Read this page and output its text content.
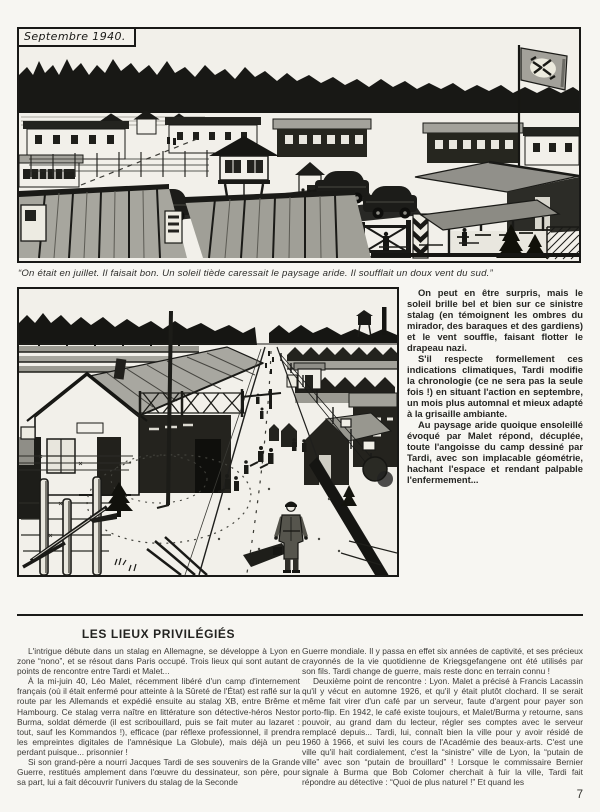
Septembre 1940.
“On était en juillet. Il faisait bon. Un soleil tiède caressait le paysage aride. Il soufflait un doux vent du sud.”

On peut en être surpris, mais le soleil brille bel et bien sur ce sinistre stalag (en témoignent les ombres du mirador, des baraques et des gardiens) et le vent souffle, faisant flotter le drapeau nazi.

S'il respecte formellement ces indications climatiques, Tardi modifie la chronologie (ce ne sera pas la seule fois !) en situant l'action en septembre, un mois plus automnal et mieux adapté à la grisaille ambiante.

Au paysage aride quoique ensoleillé évoqué par Malet répond, décuplée, toute l'angoisse du camp dessiné par Tardi, avec son implacable géométrie, hachant l'espace et rendant palpable l'enfermement...

LES LIEUX PRIVILÉGIÉS

L'intrigue débute dans un stalag en Allemagne, se développe à Lyon en zone “nono”, et se résout dans Paris occupé. Trois lieux qui sont autant de points de rencontre entre Tardi et Malet...

À la mi-juin 40, Léo Malet, récemment libéré d'un camp d'internement français (où il était enfermé pour atteinte à la Sûreté de l'État) est raflé sur la route par les Allemands et expédié ensuite au stalag XB, entre Brême et Hambourg. Ce stalag verra naître en littérature son détective-héros Nestor Burma, soldat démerde (il est scribouillard, puis se fait muter au lazaret : tout, sauf les Kommandos !), efficace (par réflexe professionnel, il prendra les empreintes digitales de l'amnésique La Globule), mais déjà un peu perdant puisque... prisonnier !

Si son grand-père a nourri Jacques Tardi de ses souvenirs de la Grande Guerre, restitués amplement dans l'œuvre du dessinateur, son père, pour sa part, lui a fait découvrir l'univers du stalag de la Seconde

Guerre mondiale. Il y passa en effet six années de captivité, et ses précieux crayonnés de la vie quotidienne de Kriegsgefangene ont été utilisés par son fils. Tardi change de guerre, mais reste donc en terrain connu !

Deuxième point de rencontre : Lyon. Malet a précisé à Francis Lacassin qu'il y vécut en automne 1926, et qu'il y était plutôt clochard. Il se serait même fait virer d'un café par un serveur, faute d'argent pour payer son porto-flip. En 1942, le café existe toujours, et Malet/Burma y retourne, sans pouvoir, au grand dam du lecteur, régler ses comptes avec le serveur remplacé depuis... Tardi, lui, connaît bien la ville pour y avoir résidé de 1960 à 1966, et suivi les cours de l'Académie des beaux-arts. C'est une ville qu'il hait cordialement, c'est la “sinistre” ville de Lyon, la “putain de ville” avec son “putain de brouillard” ! Lorsque le commissaire Bernier signale à Burma que Bob Colomer cherchait à fuir la ville, Tardi fait répondre au détective : “Quoi de plus naturel !” Et quand les

7
